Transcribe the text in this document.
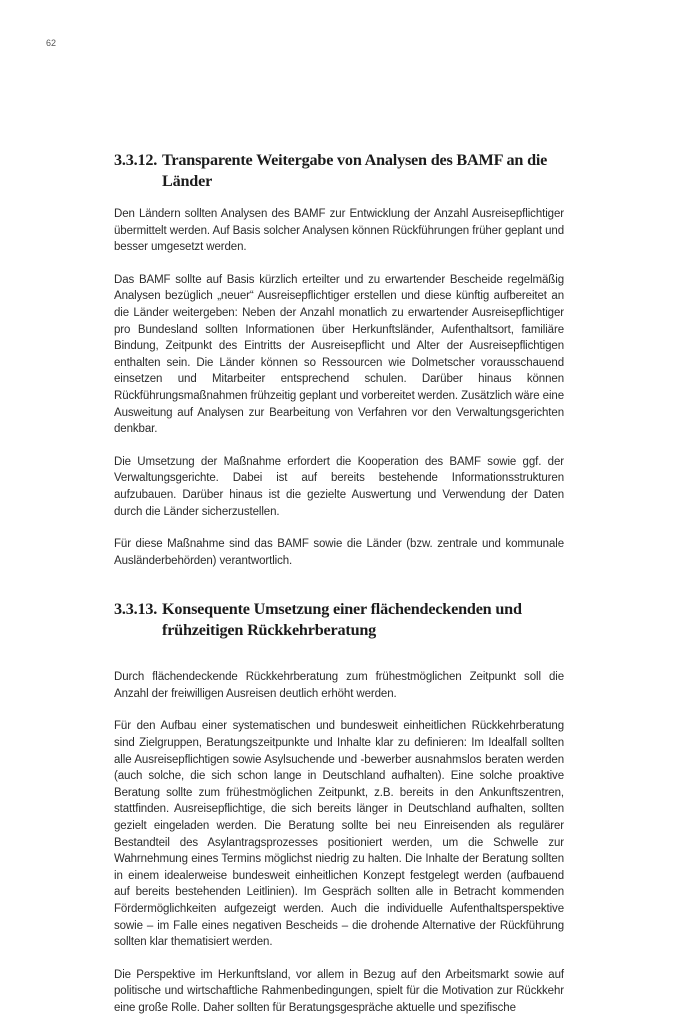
62
3.3.12. Transparente Weitergabe von Analysen des BAMF an die Länder

Den Ländern sollten Analysen des BAMF zur Entwicklung der Anzahl Ausreisepflichtiger übermittelt werden. Auf Basis solcher Analysen können Rückführungen früher geplant und besser umgesetzt werden.

Das BAMF sollte auf Basis kürzlich erteilter und zu erwartender Bescheide regelmäßig Analysen bezüglich „neuer“ Ausreisepflichtiger erstellen und diese künftig aufbereitet an die Länder weitergeben: Neben der Anzahl monatlich zu erwartender Ausreisepflichtiger pro Bundesland sollten Informationen über Herkunftsländer, Aufenthaltsort, familiäre Bindung, Zeitpunkt des Eintritts der Ausreisepflicht und Alter der Ausreisepflichtigen enthalten sein. Die Länder können so Ressourcen wie Dolmetscher vorausschauend einsetzen und Mitarbeiter entsprechend schulen. Darüber hinaus können Rückführungsmaßnahmen frühzeitig geplant und vorbereitet werden. Zusätzlich wäre eine Ausweitung auf Analysen zur Bearbeitung von Verfahren vor den Verwaltungsgerichten denkbar.

Die Umsetzung der Maßnahme erfordert die Kooperation des BAMF sowie ggf. der Verwaltungsgerichte. Dabei ist auf bereits bestehende Informationsstrukturen aufzubauen. Darüber hinaus ist die gezielte Auswertung und Verwendung der Daten durch die Länder sicherzustellen.

Für diese Maßnahme sind das BAMF sowie die Länder (bzw. zentrale und kommunale Ausländerbehörden) verantwortlich.

3.3.13. Konsequente Umsetzung einer flächendeckenden und frühzeitigen Rückkehrberatung

Durch flächendeckende Rückkehrberatung zum frühestmöglichen Zeitpunkt soll die Anzahl der freiwilligen Ausreisen deutlich erhöht werden.

Für den Aufbau einer systematischen und bundesweit einheitlichen Rückkehrberatung sind Zielgruppen, Beratungszeitpunkte und Inhalte klar zu definieren: Im Idealfall sollten alle Ausreisepflichtigen sowie Asylsuchende und -bewerber ausnahmslos beraten werden (auch solche, die sich schon lange in Deutschland aufhalten). Eine solche proaktive Beratung sollte zum frühestmöglichen Zeitpunkt, z.B. bereits in den Ankunftszentren, stattfinden. Ausreisepflichtige, die sich bereits länger in Deutschland aufhalten, sollten gezielt eingeladen werden. Die Beratung sollte bei neu Einreisenden als regulärer Bestandteil des Asylantragsprozesses positioniert werden, um die Schwelle zur Wahrnehmung eines Termins möglichst niedrig zu halten. Die Inhalte der Beratung sollten in einem idealerweise bundesweit einheitlichen Konzept festgelegt werden (aufbauend auf bereits bestehenden Leitlinien). Im Gespräch sollten alle in Betracht kommenden Fördermöglichkeiten aufgezeigt werden. Auch die individuelle Aufenthaltsperspektive sowie – im Falle eines negativen Bescheids – die drohende Alternative der Rückführung sollten klar thematisiert werden.

Die Perspektive im Herkunftsland, vor allem in Bezug auf den Arbeitsmarkt sowie auf politische und wirtschaftliche Rahmenbedingungen, spielt für die Motivation zur Rückkehr eine große Rolle. Daher sollten für Beratungsgespräche aktuelle und spezifische
